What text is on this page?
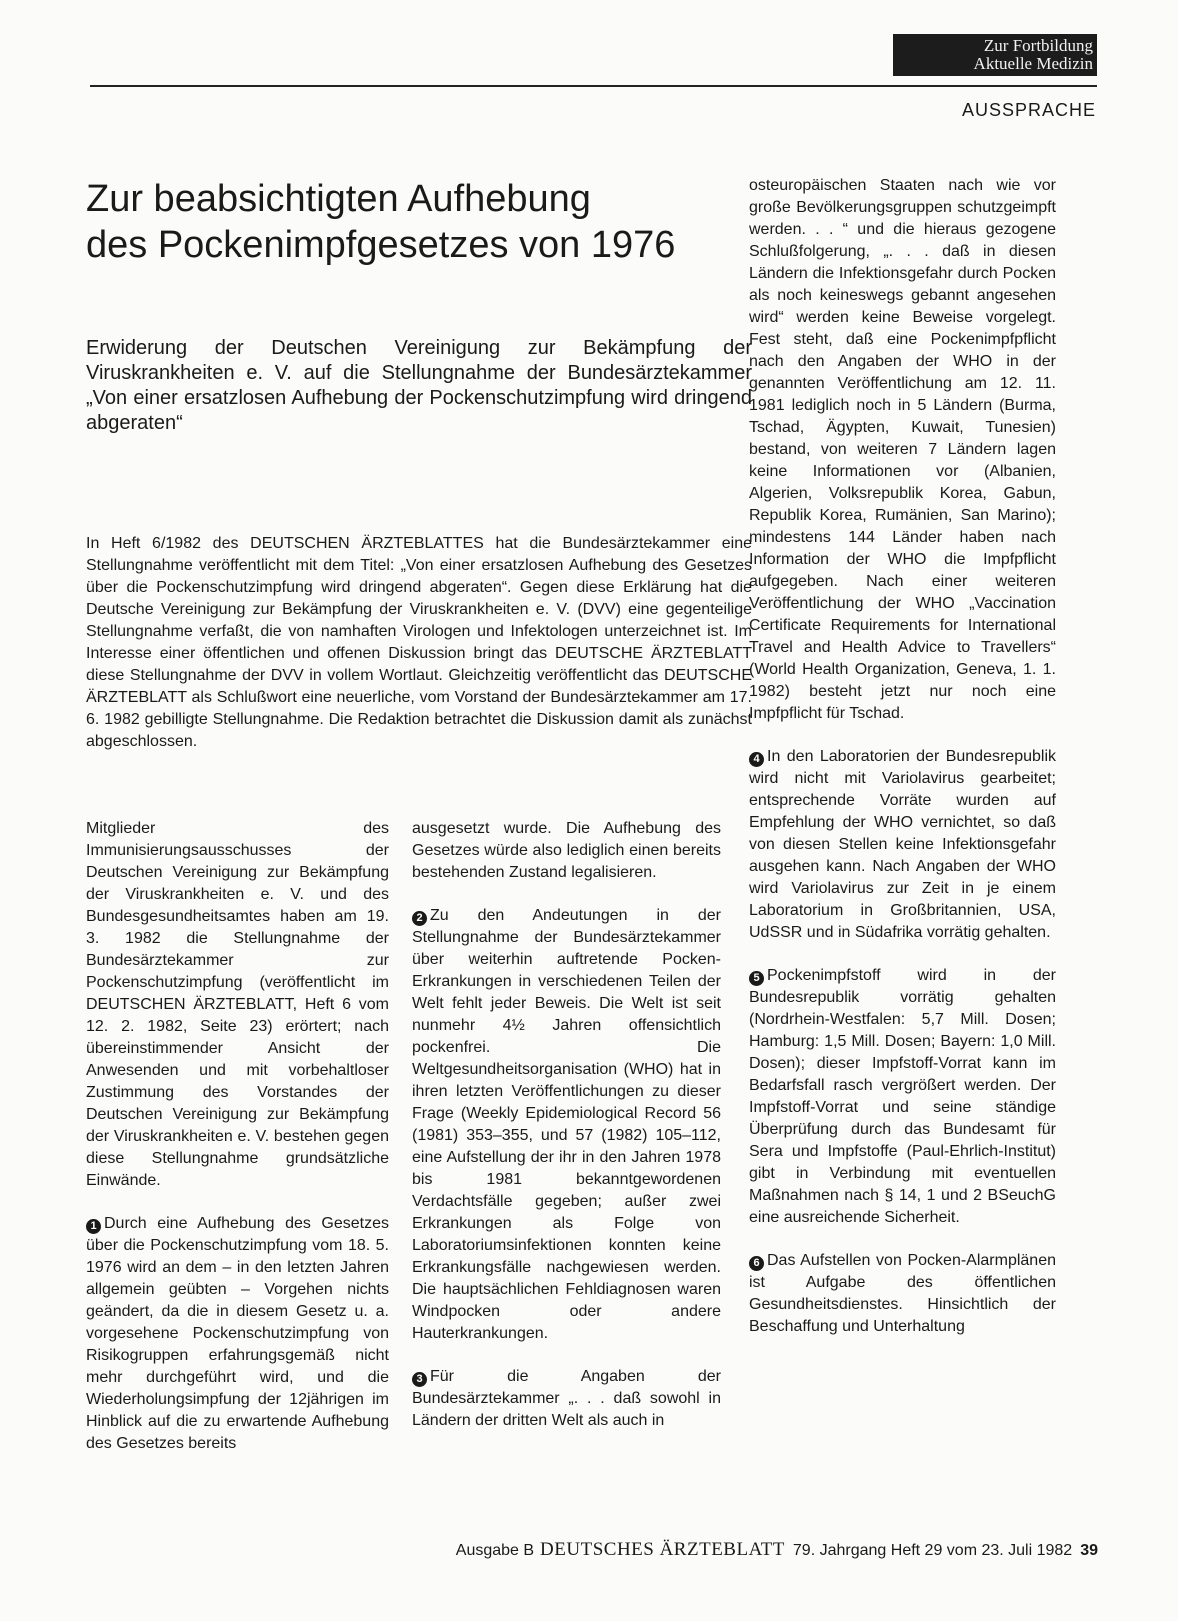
Zur Fortbildung
Aktuelle Medizin
AUSSPRACHE
Zur beabsichtigten Aufhebung
des Pockenimpfgesetzes von 1976
Erwiderung der Deutschen Vereinigung zur Bekämpfung der Viruskrankheiten e. V. auf die Stellungnahme der Bundesärztekammer „Von einer ersatzlosen Aufhebung der Pockenschutzimpfung wird dringend abgeraten“
In Heft 6/1982 des DEUTSCHEN ÄRZTEBLATTES hat die Bundesärztekammer eine Stellungnahme veröffentlicht mit dem Titel: „Von einer ersatzlosen Aufhebung des Gesetzes über die Pockenschutzimpfung wird dringend abgeraten“. Gegen diese Erklärung hat die Deutsche Vereinigung zur Bekämpfung der Viruskrankheiten e. V. (DVV) eine gegenteilige Stellungnahme verfaßt, die von namhaften Virologen und Infektologen unterzeichnet ist. Im Interesse einer öffentlichen und offenen Diskussion bringt das DEUTSCHE ÄRZTEBLATT diese Stellungnahme der DVV in vollem Wortlaut. Gleichzeitig veröffentlicht das DEUTSCHE ÄRZTEBLATT als Schlußwort eine neuerliche, vom Vorstand der Bundesärztekammer am 17. 6. 1982 gebilligte Stellungnahme. Die Redaktion betrachtet die Diskussion damit als zunächst abgeschlossen.

Mitglieder des Immunisierungsausschusses der Deutschen Vereinigung zur Bekämpfung der Viruskrankheiten e. V. und des Bundesgesundheitsamtes haben am 19. 3. 1982 die Stellungnahme der Bundesärztekammer zur Pockenschutzimpfung (veröffentlicht im DEUTSCHEN ÄRZTEBLATT, Heft 6 vom 12. 2. 1982, Seite 23) erörtert; nach übereinstimmender Ansicht der Anwesenden und mit vorbehaltloser Zustimmung des Vorstandes der Deutschen Vereinigung zur Bekämpfung der Viruskrankheiten e. V. bestehen gegen diese Stellungnahme grundsätzliche Einwände.

1 Durch eine Aufhebung des Gesetzes über die Pockenschutzimpfung vom 18. 5. 1976 wird an dem – in den letzten Jahren allgemein geübten – Vorgehen nichts geändert, da die in diesem Gesetz u. a. vorgesehene Pockenschutzimpfung von Risikogruppen erfahrungsgemäß nicht mehr durchgeführt wird, und die Wiederholungsimpfung der 12jährigen im Hinblick auf die zu erwartende Aufhebung des Gesetzes bereits

ausgesetzt wurde. Die Aufhebung des Gesetzes würde also lediglich einen bereits bestehenden Zustand legalisieren.

2 Zu den Andeutungen in der Stellungnahme der Bundesärztekammer über weiterhin auftretende Pocken-Erkrankungen in verschiedenen Teilen der Welt fehlt jeder Beweis. Die Welt ist seit nunmehr 4½ Jahren offensichtlich pockenfrei. Die Weltgesundheitsorganisation (WHO) hat in ihren letzten Veröffentlichungen zu dieser Frage (Weekly Epidemiological Record 56 (1981) 353–355, und 57 (1982) 105–112, eine Aufstellung der ihr in den Jahren 1978 bis 1981 bekanntgewordenen Verdachtsfälle gegeben; außer zwei Erkrankungen als Folge von Laboratoriumsinfektionen konnten keine Erkrankungsfälle nachgewiesen werden. Die hauptsächlichen Fehldiagnosen waren Windpocken oder andere Hauterkrankungen.

3 Für die Angaben der Bundesärztekammer „. . . daß sowohl in Ländern der dritten Welt als auch in

osteuropäischen Staaten nach wie vor große Bevölkerungsgruppen schutzgeimpft werden. . . “ und die hieraus gezogene Schlußfolgerung, „. . . daß in diesen Ländern die Infektionsgefahr durch Pocken als noch keineswegs gebannt angesehen wird“ werden keine Beweise vorgelegt. Fest steht, daß eine Pockenimpfpflicht nach den Angaben der WHO in der genannten Veröffentlichung am 12. 11. 1981 lediglich noch in 5 Ländern (Burma, Tschad, Ägypten, Kuwait, Tunesien) bestand, von weiteren 7 Ländern lagen keine Informationen vor (Albanien, Algerien, Volksrepublik Korea, Gabun, Republik Korea, Rumänien, San Marino); mindestens 144 Länder haben nach Information der WHO die Impfpflicht aufgegeben. Nach einer weiteren Veröffentlichung der WHO „Vaccination Certificate Requirements for International Travel and Health Advice to Travellers“ (World Health Organization, Geneva, 1. 1. 1982) besteht jetzt nur noch eine Impfpflicht für Tschad.

4 In den Laboratorien der Bundesrepublik wird nicht mit Variolavirus gearbeitet; entsprechende Vorräte wurden auf Empfehlung der WHO vernichtet, so daß von diesen Stellen keine Infektionsgefahr ausgehen kann. Nach Angaben der WHO wird Variolavirus zur Zeit in je einem Laboratorium in Großbritannien, USA, UdSSR und in Südafrika vorrätig gehalten.

5 Pockenimpfstoff wird in der Bundesrepublik vorrätig gehalten (Nordrhein-Westfalen: 5,7 Mill. Dosen; Hamburg: 1,5 Mill. Dosen; Bayern: 1,0 Mill. Dosen); dieser Impfstoff-Vorrat kann im Bedarfsfall rasch vergrößert werden. Der Impfstoff-Vorrat und seine ständige Überprüfung durch das Bundesamt für Sera und Impfstoffe (Paul-Ehrlich-Institut) gibt in Verbindung mit eventuellen Maßnahmen nach § 14, 1 und 2 BSeuchG eine ausreichende Sicherheit.

6 Das Aufstellen von Pocken-Alarmplänen ist Aufgabe des öffentlichen Gesundheitsdienstes. Hinsichtlich der Beschaffung und Unterhaltung

Ausgabe B DEUTSCHES ÄRZTEBLATT 79. Jahrgang Heft 29 vom 23. Juli 1982 39
